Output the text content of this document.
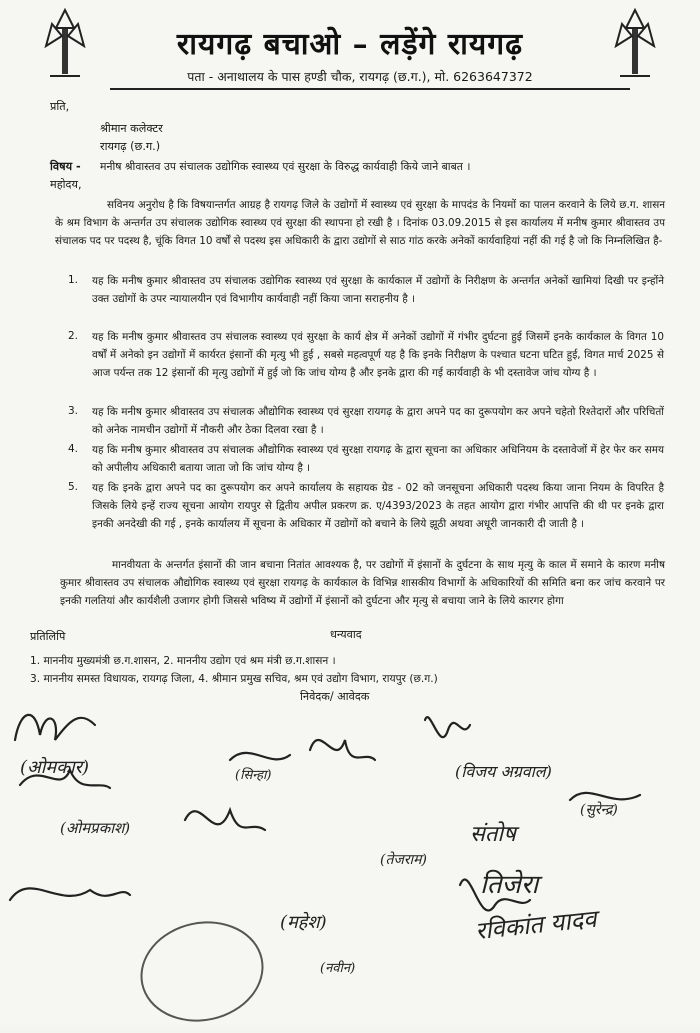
रायगढ़ बचाओ – लड़ेंगे रायगढ़
पता - अनाथालय के पास हण्डी चौक, रायगढ़ (छ.ग.), मो. 6263647372
प्रति,
श्रीमान कलेक्टर
रायगढ़ (छ.ग.)
विषय - मनीष श्रीवास्तव उप संचालक उद्योगिक स्वास्थ्य एवं सुरक्षा के विरुद्ध कार्यवाही किये जाने बाबत ।
महोदय,
सविनय अनुरोध है कि विषयान्तर्गत आग्रह है रायगढ़ जिले के उद्योगों में स्वास्थ्य एवं सुरक्षा के मापदंड के नियमों का पालन करवाने के लिये छ.ग. शासन के श्रम विभाग के अन्तर्गत उप संचालक उद्योगिक स्वास्थ्य एवं सुरक्षा की स्थापना हो रखी है । दिनांक 03.09.2015 से इस कार्यालय में मनीष कुमार श्रीवास्तव उप संचालक पद पर पदस्थ है, चूंकि विगत 10 वर्षों से पदस्थ इस अधिकारी के द्वारा उद्योगों से साठ गांठ करके अनेकों कार्यवाहियां नहीं की गई है जो कि निम्नलिखित है-
1. यह कि मनीष कुमार श्रीवास्तव उप संचालक उद्योगिक स्वास्थ्य एवं सुरक्षा के कार्यकाल में उद्योगों के निरीक्षण के अन्तर्गत अनेकों खामियां दिखी पर इन्होंने उक्त उद्योगों के उपर न्यायालयीन एवं विभागीय कार्यवाही नहीं किया जाना सराहनीय है ।
2. यह कि मनीष कुमार श्रीवास्तव उप संचालक स्वास्थ्य एवं सुरक्षा के कार्य क्षेत्र में अनेकों उद्योगों में गंभीर दुर्घटना हुई जिसमें इनके कार्यकाल के विगत 10 वर्षों में अनेको इन उद्योगों में कार्यरत इंसानों की मृत्यु भी हुई , सबसे महत्वपूर्ण यह है कि इनके निरीक्षण के पश्चात घटना घटित हुई, विगत मार्च 2025 से आज पर्यन्त तक 12 इंसानों की मृत्यु उद्योगों में हुई जो कि जांच योग्य है और इनके द्वारा की गई कार्यवाही के भी दस्तावेज जांच योग्य है ।
3. यह कि मनीष कुमार श्रीवास्तव उप संचालक औद्योगिक स्वास्थ्य एवं सुरक्षा रायगढ़ के द्वारा अपने पद का दुरूपयोग कर अपने चहेतो रिश्तेदारों और परिचितों को अनेक नामचीन उद्योगों में नौकरी और ठेका दिलवा रखा है ।
4. यह कि मनीष कुमार श्रीवास्तव उप संचालक औद्योगिक स्वास्थ्य एवं सुरक्षा रायगढ़ के द्वारा सूचना का अधिकार अधिनियम के दस्तावेजों में हेर फेर कर समय को अपीलीय अधिकारी बताया जाता जो कि जांच योग्य है ।
5. यह कि इनके द्वारा अपने पद का दुरूपयोग कर अपने कार्यालय के सहायक ग्रेड - 02 को जनसूचना अधिकारी पदस्थ किया जाना नियम के विपरित है जिसके लिये इन्हें राज्य सूचना आयोग रायपुर से द्वितीय अपील प्रकरण क्र. ए/4393/2023 के तहत आयोग द्वारा गंभीर आपत्ति की थी पर इनके द्वारा इनकी अनदेखी की गई , इनके कार्यालय में सूचना के अधिकार में उद्योगों को बचाने के लिये झूठी अथवा अधूरी जानकारी दी जाती है ।
मानवीयता के अन्तर्गत इंसानों की जान बचाना नितांत आवश्यक है, पर उद्योगों में इंसानों के दुर्घटना के साथ मृत्यु के काल में समाने के कारण मनीष कुमार श्रीवास्तव उप संचालक औद्योगिक स्वास्थ्य एवं सुरक्षा रायगढ़ के कार्यकाल के विभिन्न शासकीय विभागों के अधिकारियों की समिति बना कर जांच करवाने पर इनकी गलतियां और कार्यशैली उजागर होगी जिससे भविष्य में उद्योगों में इंसानों को दुर्घटना और मृत्यु से बचाया जाने के लिये कारगर होगा
धन्यवाद
प्रतिलिपि
1. माननीय मुख्यमंत्री छ.ग.शासन, 2. माननीय उद्योग एवं श्रम मंत्री छ.ग.शासन ।
3. माननीय समस्त विधायक, रायगढ़ जिला, 4. श्रीमान प्रमुख सचिव, श्रम एवं उद्योग विभाग, रायपुर (छ.ग.)
निवेदक/ आवेदक
(ओमकार)	(सिन्हा)	(विजय अग्रवाल)
(सुरेन्द्र)
(ओमप्रकाश)	संतोष
तिजेरा
रविकांत यादव
(तेजराम)
(महेश)
(नवीन)
